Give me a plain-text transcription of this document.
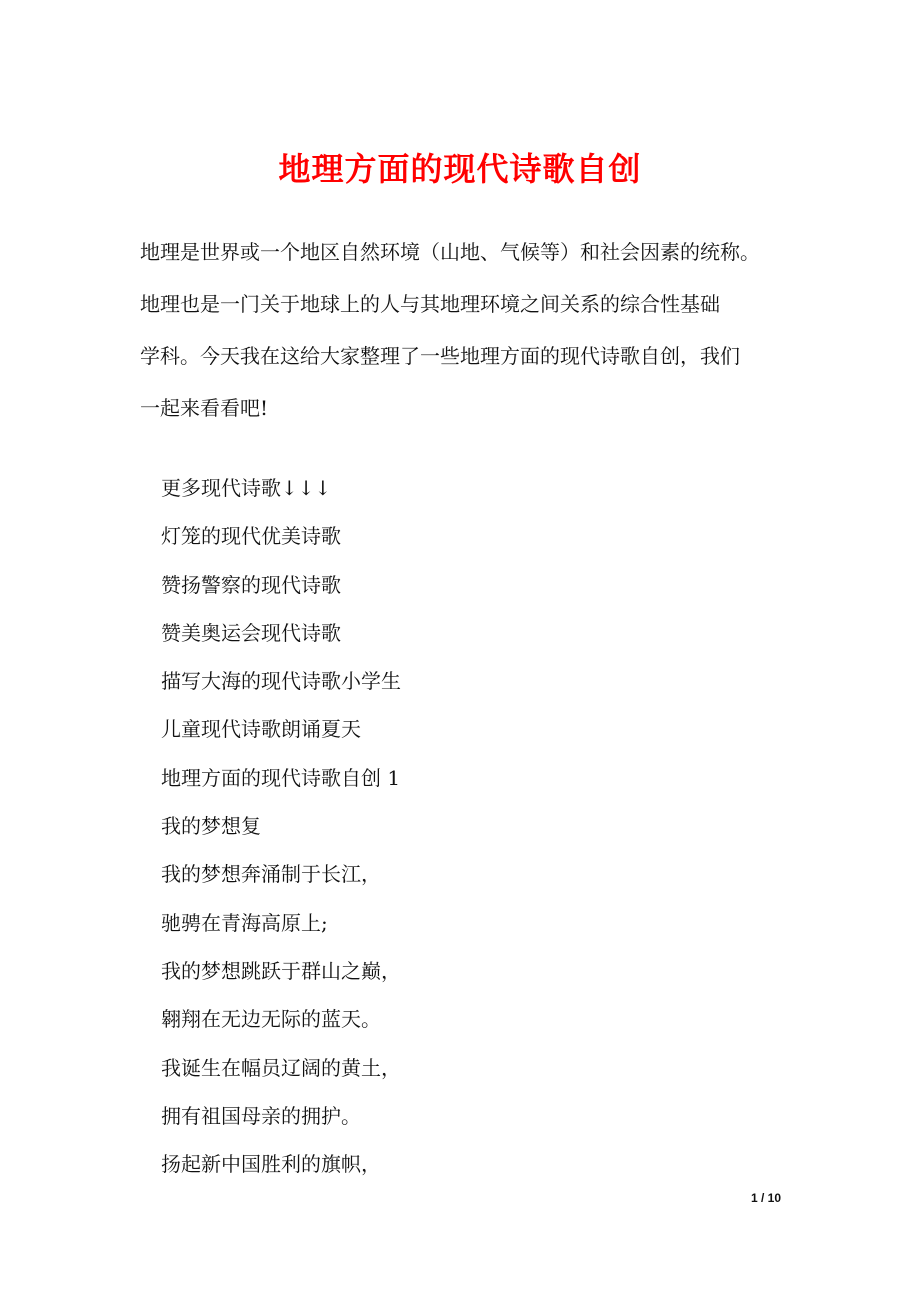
地理方面的现代诗歌自创

地理是世界或一个地区自然环境（山地、气候等）和社会因素的统称。

地理也是一门关于地球上的人与其地理环境之间关系的综合性基础

学科。今天我在这给大家整理了一些地理方面的现代诗歌自创，我们

一起来看看吧!

更多现代诗歌↓↓↓
灯笼的现代优美诗歌
赞扬警察的现代诗歌
赞美奥运会现代诗歌
描写大海的现代诗歌小学生
儿童现代诗歌朗诵夏天
地理方面的现代诗歌自创 1
我的梦想复
我的梦想奔涌制于长江，
驰骋在青海高原上;
我的梦想跳跃于群山之巅，
翱翔在无边无际的蓝天。
我诞生在幅员辽阔的黄土，
拥有祖国母亲的拥护。
扬起新中国胜利的旗帜，
1 / 10
